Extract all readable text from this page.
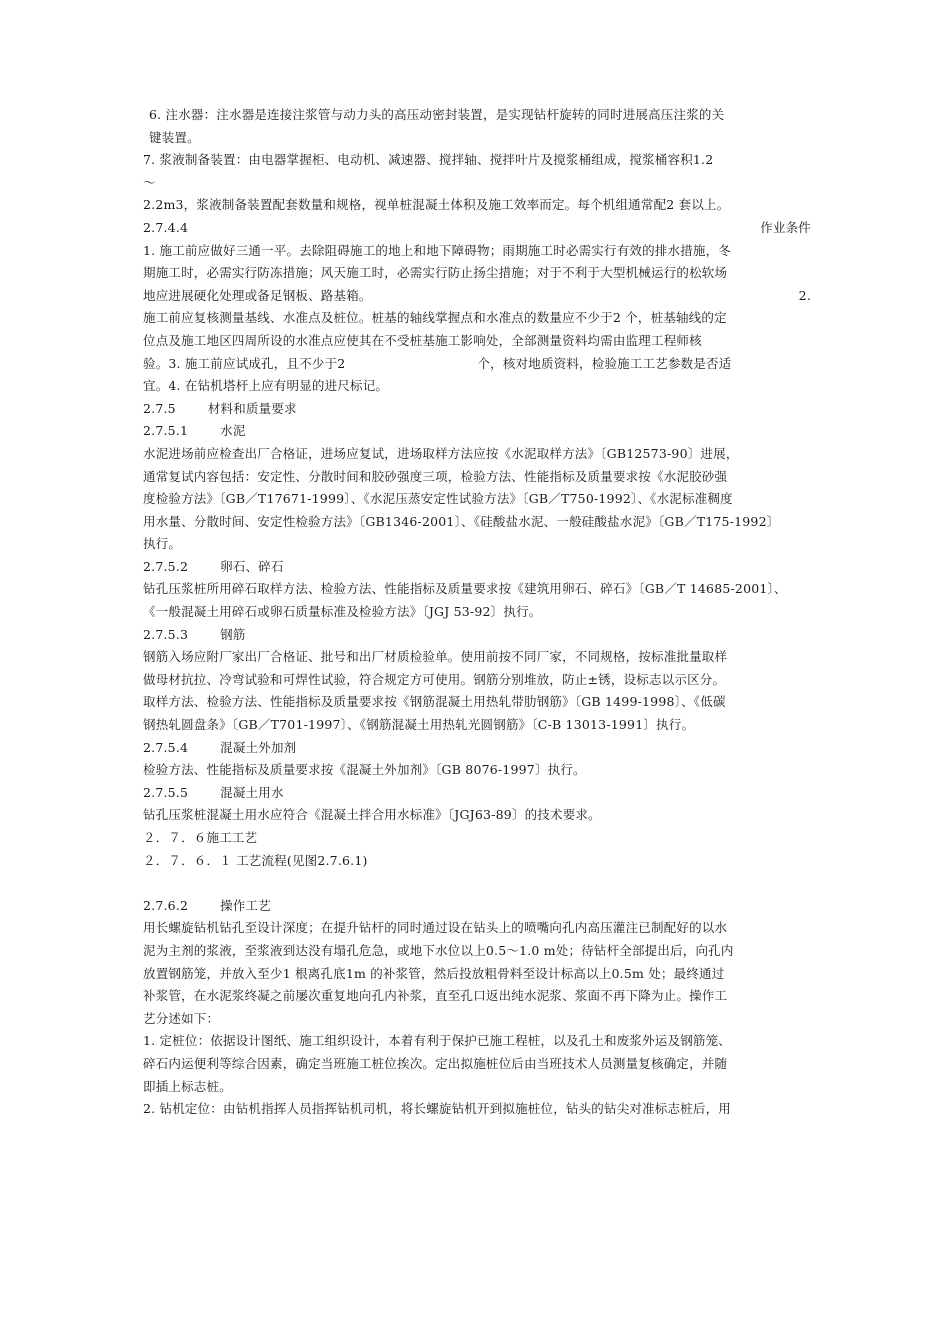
6. 注水器：注水器是连接注浆管与动力头的高压动密封装置，是实现钻杆旋转的同时进展高压注浆的关
键装置。
7. 浆液制备装置：由电器掌握柜、电动机、减速器、搅拌轴、搅拌叶片及搅浆桶组成，搅浆桶容积1.2
～
2.2m3，浆液制备装置配套数量和规格，视单桩混凝土体积及施工效率而定。每个机组通常配2 套以上。
2.7.4.4	作业条件
1. 施工前应做好三通一平。去除阻碍施工的地上和地下障碍物；雨期施工时必需实行有效的排水措施，冬
期施工时，必需实行防冻措施；风天施工时，必需实行防止扬尘措施；对于不利于大型机械运行的松软场
地应进展硬化处理或备足钢板、路基箱。	2.
施工前应复核测量基线、水准点及桩位。桩基的轴线掌握点和水准点的数量应不少于2 个，桩基轴线的定
位点及施工地区四周所设的水准点应使其在不受桩基施工影响处，全部测量资料均需由监理工程师核
验。3. 施工前应试成孔，且不少于2	个，核对地质资料，检验施工工艺参数是否适
宜。4. 在钻机塔杆上应有明显的进尺标记。
2.7.5	材料和质量要求
2.7.5.1	水泥
水泥进场前应检查出厂合格证，进场应复试，进场取样方法应按《水泥取样方法》〔GB12573-90〕进展，
通常复试内容包括：安定性、分散时间和胶砂强度三项，检验方法、性能指标及质量要求按《水泥胶砂强
度检验方法》〔GB／T17671-1999〕、《水泥压蒸安定性试验方法》〔GB／T750-1992〕、《水泥标准稠度
用水量、分散时间、安定性检验方法》〔GB1346-2001〕、《硅酸盐水泥、一般硅酸盐水泥》〔GB／T175-1992〕
执行。
2.7.5.2	卵石、碎石
钻孔压浆桩所用碎石取样方法、检验方法、性能指标及质量要求按《建筑用卵石、碎石》〔GB／T 14685-2001〕、
《一般混凝土用碎石或卵石质量标准及检验方法》〔JGJ 53-92〕执行。
2.7.5.3	钢筋
钢筋入场应附厂家出厂合格证、批号和出厂材质检验单。使用前按不同厂家，不同规格，按标准批量取样
做母材抗拉、冷弯试验和可焊性试验，符合规定方可使用。钢筋分别堆放，防止±锈，设标志以示区分。
取样方法、检验方法、性能指标及质量要求按《钢筋混凝土用热轧带肋钢筋》〔GB 1499-1998〕、《低碳
钢热轧圆盘条》〔GB／T701-1997〕、《钢筋混凝土用热轧光圆钢筋》〔C-B 13013-1991〕执行。
2.7.5.4	混凝土外加剂
检验方法、性能指标及质量要求按《混凝土外加剂》〔GB 8076-1997〕执行。
2.7.5.5	混凝土用水
钻孔压浆桩混凝土用水应符合《混凝土拌合用水标准》〔JGJ63-89〕的技术要求。
２．７．６施工工艺
２．７．６．１ 工艺流程(见图2.7.6.1)
2.7.6.2	操作工艺
用长螺旋钻机钻孔至设计深度；在提升钻杆的同时通过设在钻头上的喷嘴向孔内高压灌注已制配好的以水
泥为主剂的浆液，至浆液到达没有塌孔危急，或地下水位以上0.5～1.0 m处；待钻杆全部提出后，向孔内
放置钢筋笼，并放入至少1 根离孔底1m 的补浆管，然后投放粗骨料至设计标高以上0.5m 处；最终通过
补浆管，在水泥浆终凝之前屡次重复地向孔内补浆，直至孔口返出纯水泥浆、浆面不再下降为止。操作工
艺分述如下：
1. 定桩位：依据设计图纸、施工组织设计，本着有利于保护已施工程桩，以及孔土和废浆外运及钢筋笼、
碎石内运便利等综合因素，确定当班施工桩位挨次。定出拟施桩位后由当班技术人员测量复核确定，并随
即插上标志桩。
2. 钻机定位：由钻机指挥人员指挥钻机司机，将长螺旋钻机开到拟施桩位，钻头的钻尖对准标志桩后，用
